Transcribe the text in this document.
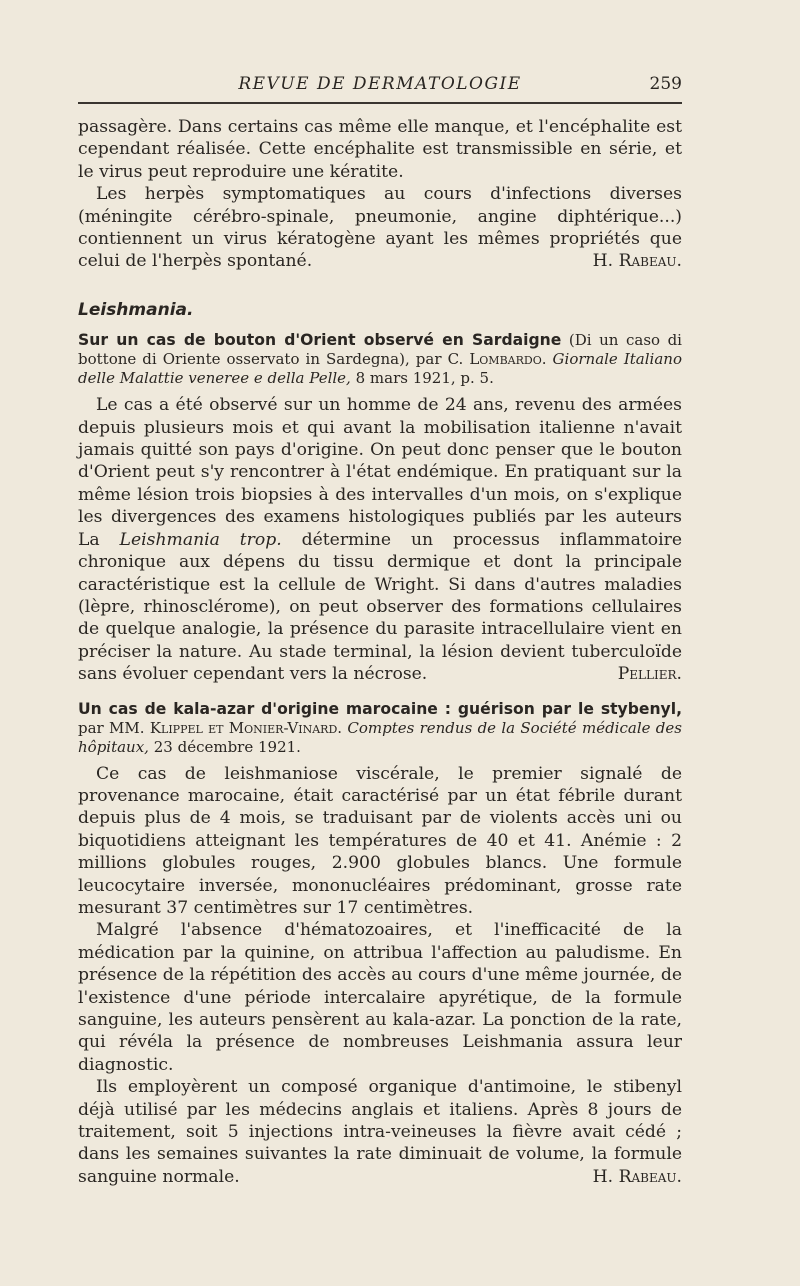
REVUE DE DERMATOLOGIE	259

passagère. Dans certains cas même elle manque, et l'encéphalite est cependant réalisée. Cette encéphalite est transmissible en série, et le virus peut reproduire une kératite.

Les herpès symptomatiques au cours d'infections diverses (méningite cérébro-spinale, pneumonie, angine diphtérique...) contiennent un virus kératogène ayant les mêmes propriétés que celui de l'herpès spontané.	H. Rabeau.

Leishmania.
Sur un cas de bouton d'Orient observé en Sardaigne (Di un caso di bottone di Oriente osservato in Sardegna), par C. Lombardo. Giornale Italiano delle Malattie veneree e della Pelle, 8 mars 1921, p. 5.

Le cas a été observé sur un homme de 24 ans, revenu des armées depuis plusieurs mois et qui avant la mobilisation italienne n'avait jamais quitté son pays d'origine. On peut donc penser que le bouton d'Orient peut s'y rencontrer à l'état endémique. En pratiquant sur la même lésion trois biopsies à des intervalles d'un mois, on s'explique les divergences des examens histologiques publiés par les auteurs La Leishmania trop. détermine un processus inflammatoire chronique aux dépens du tissu dermique et dont la principale caractéristique est la cellule de Wright. Si dans d'autres maladies (lèpre, rhinosclérome), on peut observer des formations cellulaires de quelque analogie, la présence du parasite intracellulaire vient en préciser la nature. Au stade terminal, la lésion devient tuberculoïde sans évoluer cependant vers la nécrose.	Pellier.

Un cas de kala-azar d'origine marocaine : guérison par le stybenyl, par MM. Klippel et Monier-Vinard. Comptes rendus de la Société médicale des hôpitaux, 23 décembre 1921.

Ce cas de leishmaniose viscérale, le premier signalé de provenance marocaine, était caractérisé par un état fébrile durant depuis plus de 4 mois, se traduisant par de violents accès uni ou biquotidiens atteignant les températures de 40 et 41. Anémie : 2 millions globules rouges, 2.900 globules blancs. Une formule leucocytaire inversée, mononucléaires prédominant, grosse rate mesurant 37 centimètres sur 17 centimètres.

Malgré l'absence d'hématozoaires, et l'inefficacité de la médication par la quinine, on attribua l'affection au paludisme. En présence de la répétition des accès au cours d'une même journée, de l'existence d'une période intercalaire apyrétique, de la formule sanguine, les auteurs pensèrent au kala-azar. La ponction de la rate, qui révéla la présence de nombreuses Leishmania assura leur diagnostic.

Ils employèrent un composé organique d'antimoine, le stibenyl déjà utilisé par les médecins anglais et italiens. Après 8 jours de traitement, soit 5 injections intra-veineuses la fièvre avait cédé ; dans les semaines suivantes la rate diminuait de volume, la formule sanguine normale.	H. Rabeau.
